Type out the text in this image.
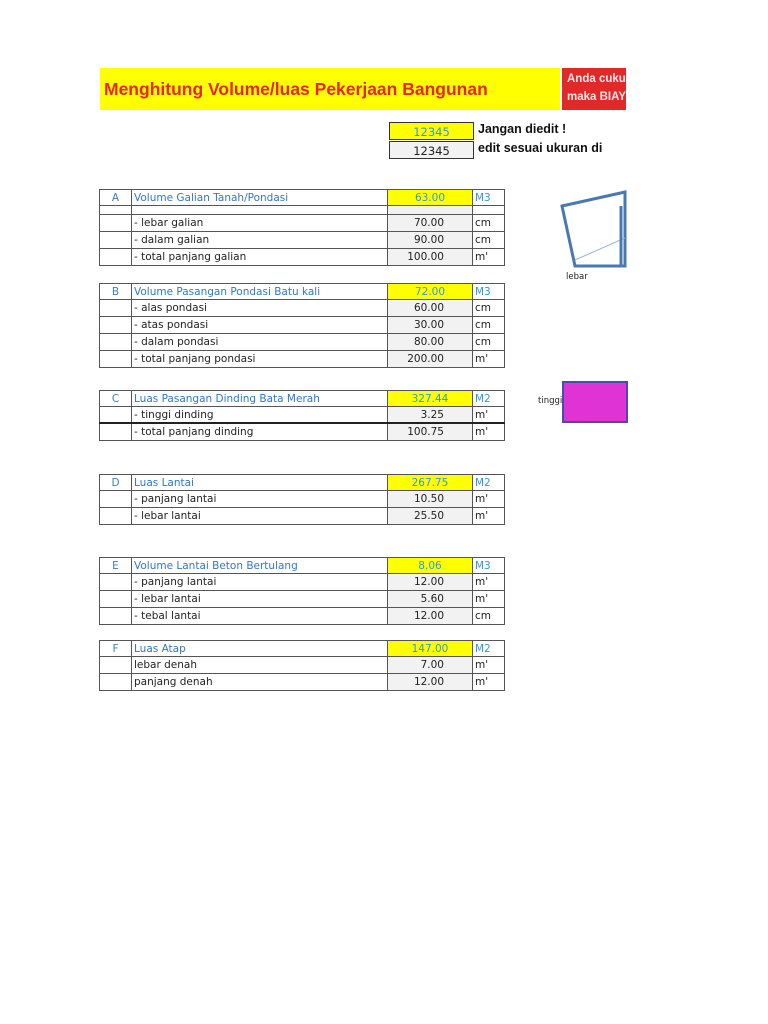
Menghitung Volume/luas Pekerjaan Bangunan	Anda cuku
maka BIAY
12345	Jangan diedit !
12345	edit sesuai ukuran di
A	Volume Galian Tanah/Pondasi	63.00	M3
- lebar galian	70.00	cm
- dalam galian	90.00	cm
- total panjang galian	100.00	m'
B	Volume Pasangan Pondasi Batu kali	72.00	M3
- alas pondasi	60.00	cm
- atas pondasi	30.00	cm
- dalam pondasi	80.00	cm
- total panjang pondasi	200.00	m'
C	Luas Pasangan Dinding Bata Merah	327.44	M2
- tinggi dinding	3.25	m'
- total panjang dinding	100.75	m'
D	Luas Lantai	267.75	M2
- panjang lantai	10.50	m'
- lebar lantai	25.50	m'
E	Volume Lantai Beton Bertulang	8.06	M3
- panjang lantai	12.00	m'
- lebar lantai	5.60	m'
- tebal lantai	12.00	cm
F	Luas Atap	147.00	M2
lebar denah	7.00	m'
panjang denah	12.00	m'
lebar
tinggi
